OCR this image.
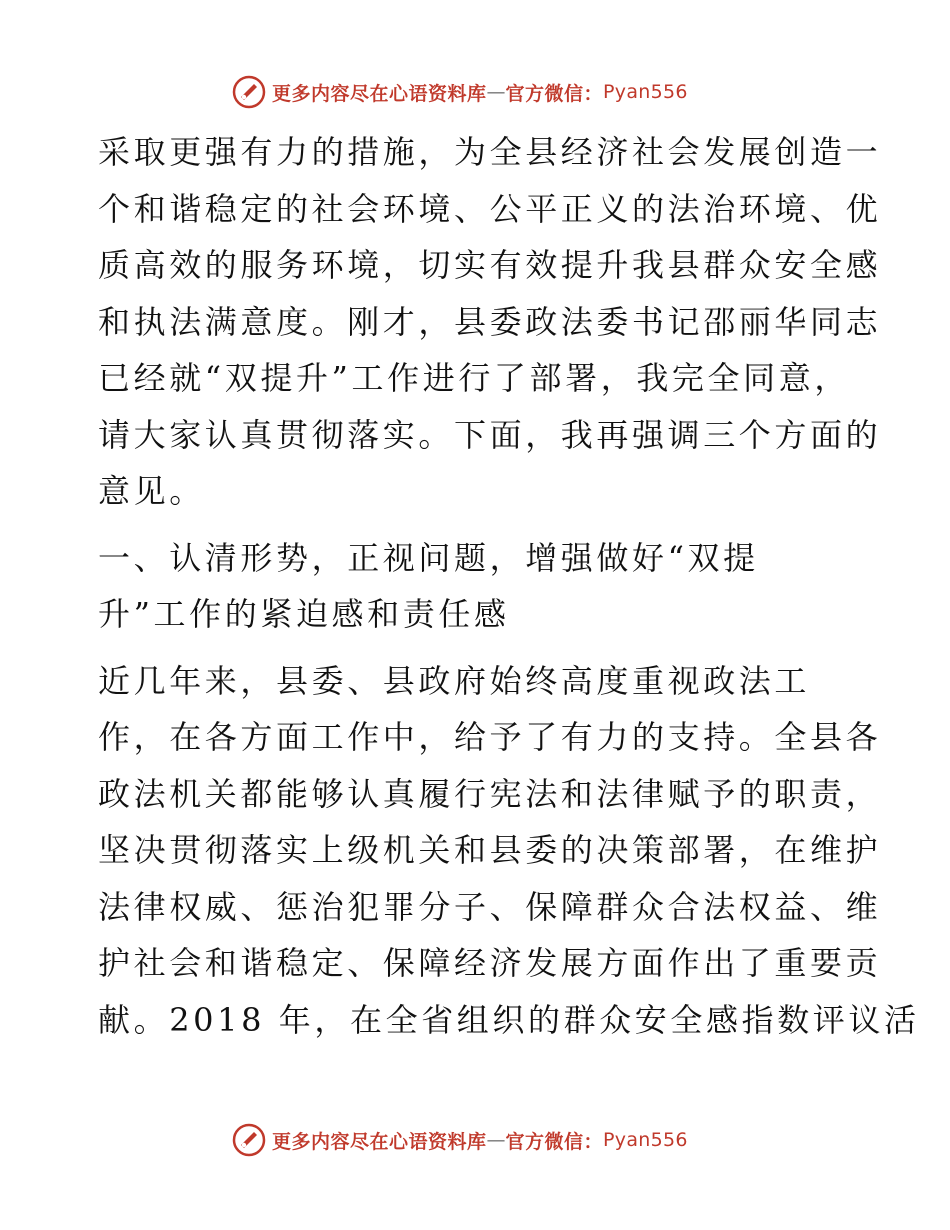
更多内容尽在心语资料库 — 官方微信： Pyan556

采取更强有力的措施，为全县经济社会发展创造一
个和谐稳定的社会环境、公平正义的法治环境、优
质高效的服务环境，切实有效提升我县群众安全感
和执法满意度。刚才，县委政法委书记邵丽华同志
已经就“双提升”工作进行了部署，我完全同意，
请大家认真贯彻落实。下面，我再强调三个方面的
意见。

一、认清形势，正视问题，增强做好“双提
升”工作的紧迫感和责任感

近几年来，县委、县政府始终高度重视政法工
作，在各方面工作中，给予了有力的支持。全县各
政法机关都能够认真履行宪法和法律赋予的职责，
坚决贯彻落实上级机关和县委的决策部署，在维护
法律权威、惩治犯罪分子、保障群众合法权益、维
护社会和谐稳定、保障经济发展方面作出了重要贡
献。2018 年，在全省组织的群众安全感指数评议活

更多内容尽在心语资料库 — 官方微信： Pyan556
